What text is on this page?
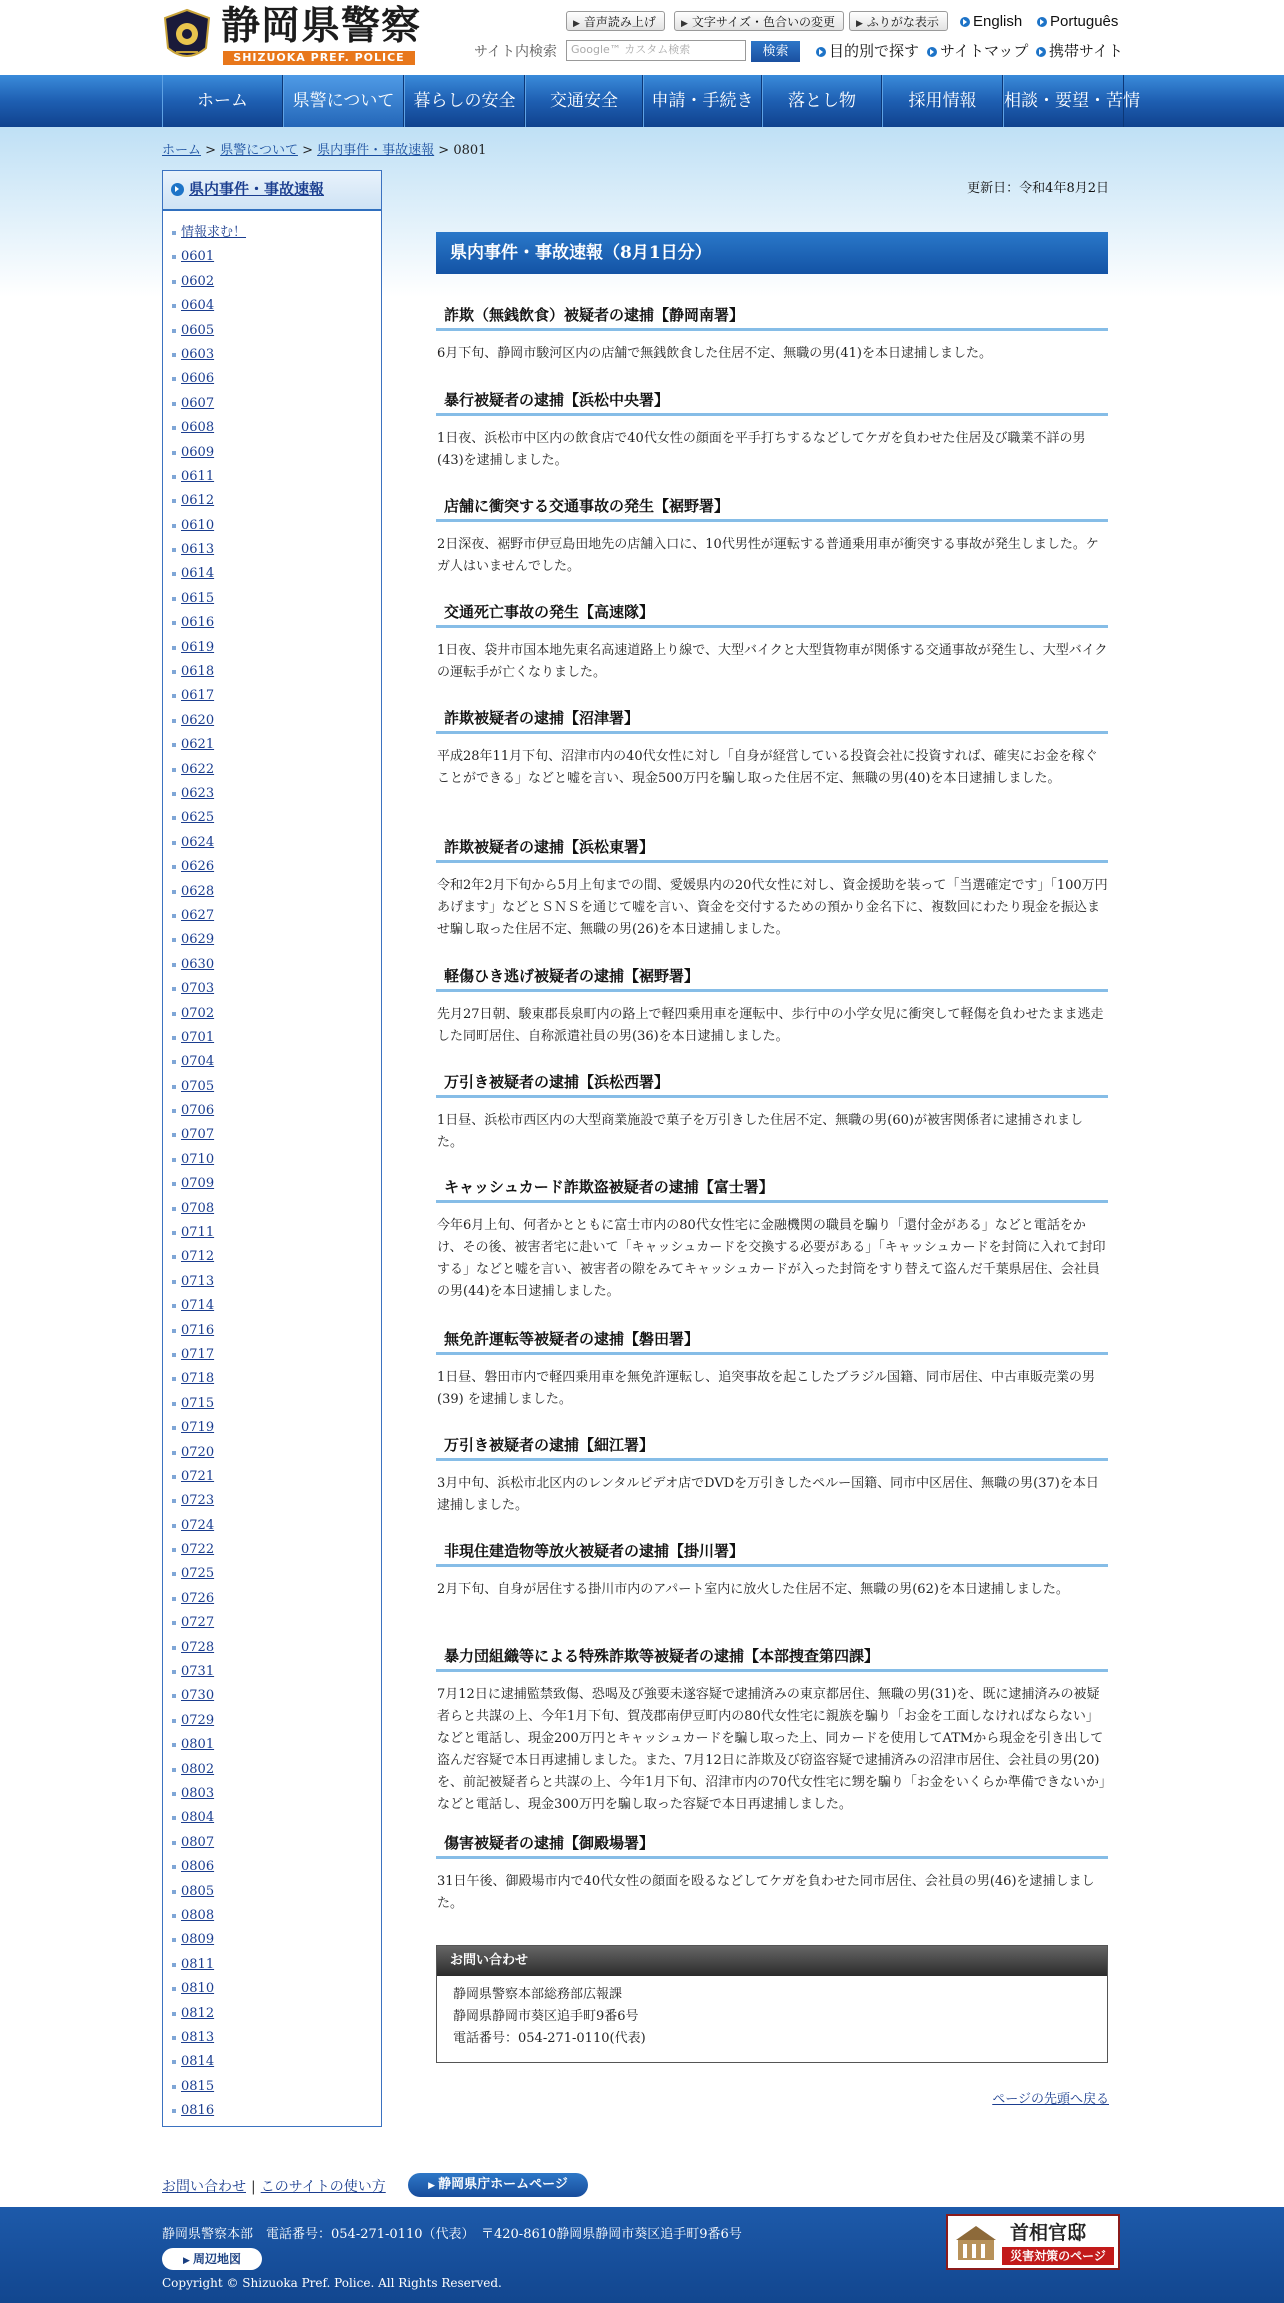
静岡県警察
SHIZUOKA PREF. POLICE
▶ 音声読み上げ	▶ 文字サイズ・色合いの変更	▶ ふりがな表示	English	Português
サイト内検索	Google™ カスタム検索	検索	目的別で探す	サイトマップ	携帯サイト
ホーム	県警について	暮らしの安全	交通安全	申請・手続き	落とし物	採用情報	相談・要望・苦情
ホーム > 県警について > 県内事件・事故速報 > 0801
県内事件・事故速報
情報求む！
0601
0602
0604
0605
0603
0606
0607
0608
0609
0611
0612
0610
0613
0614
0615
0616
0619
0618
0617
0620
0621
0622
0623
0625
0624
0626
0628
0627
0629
0630
0703
0702
0701
0704
0705
0706
0707
0710
0709
0708
0711
0712
0713
0714
0716
0717
0718
0715
0719
0720
0721
0723
0724
0722
0725
0726
0727
0728
0731
0730
0729
0801
0802
0803
0804
0807
0806
0805
0808
0809
0811
0810
0812
0813
0814
0815
0816
更新日：令和4年8月2日
県内事件・事故速報（8月1日分）
詐欺（無銭飲食）被疑者の逮捕【静岡南署】
6月下旬、静岡市駿河区内の店舗で無銭飲食した住居不定、無職の男(41)を本日逮捕しました。
暴行被疑者の逮捕【浜松中央署】
1日夜、浜松市中区内の飲食店で40代女性の顔面を平手打ちするなどしてケガを負わせた住居及び職業不詳の男(43)を逮捕しました。
店舗に衝突する交通事故の発生【裾野署】
2日深夜、裾野市伊豆島田地先の店舗入口に、10代男性が運転する普通乗用車が衝突する事故が発生しました。ケガ人はいませんでした。
交通死亡事故の発生【高速隊】
1日夜、袋井市国本地先東名高速道路上り線で、大型バイクと大型貨物車が関係する交通事故が発生し、大型バイクの運転手が亡くなりました。
詐欺被疑者の逮捕【沼津署】
平成28年11月下旬、沼津市内の40代女性に対し「自身が経営している投資会社に投資すれば、確実にお金を稼ぐことができる」などと嘘を言い、現金500万円を騙し取った住居不定、無職の男(40)を本日逮捕しました。
詐欺被疑者の逮捕【浜松東署】
令和2年2月下旬から5月上旬までの間、愛媛県内の20代女性に対し、資金援助を装って「当選確定です」「100万円あげます」などとＳＮＳを通じて嘘を言い、資金を交付するための預かり金名下に、複数回にわたり現金を振込ませ騙し取った住居不定、無職の男(26)を本日逮捕しました。
軽傷ひき逃げ被疑者の逮捕【裾野署】
先月27日朝、駿東郡長泉町内の路上で軽四乗用車を運転中、歩行中の小学女児に衝突して軽傷を負わせたまま逃走した同町居住、自称派遣社員の男(36)を本日逮捕しました。
万引き被疑者の逮捕【浜松西署】
1日昼、浜松市西区内の大型商業施設で菓子を万引きした住居不定、無職の男(60)が被害関係者に逮捕されました。
キャッシュカード詐欺盗被疑者の逮捕【富士署】
今年6月上旬、何者かとともに富士市内の80代女性宅に金融機関の職員を騙り「還付金がある」などと電話をかけ、その後、被害者宅に赴いて「キャッシュカードを交換する必要がある」「キャッシュカードを封筒に入れて封印する」などと嘘を言い、被害者の隙をみてキャッシュカードが入った封筒をすり替えて盗んだ千葉県居住、会社員の男(44)を本日逮捕しました。
無免許運転等被疑者の逮捕【磐田署】
1日昼、磐田市内で軽四乗用車を無免許運転し、追突事故を起こしたブラジル国籍、同市居住、中古車販売業の男(39) を逮捕しました。
万引き被疑者の逮捕【細江署】
3月中旬、浜松市北区内のレンタルビデオ店でDVDを万引きしたペルー国籍、同市中区居住、無職の男(37)を本日逮捕しました。
非現住建造物等放火被疑者の逮捕【掛川署】
2月下旬、自身が居住する掛川市内のアパート室内に放火した住居不定、無職の男(62)を本日逮捕しました。
暴力団組織等による特殊詐欺等被疑者の逮捕【本部捜査第四課】
7月12日に逮捕監禁致傷、恐喝及び強要未遂容疑で逮捕済みの東京都居住、無職の男(31)を、既に逮捕済みの被疑者らと共謀の上、今年1月下旬、賀茂郡南伊豆町内の80代女性宅に親族を騙り「お金を工面しなければならない」などと電話し、現金200万円とキャッシュカードを騙し取った上、同カードを使用してATMから現金を引き出して盗んだ容疑で本日再逮捕しました。また、7月12日に詐欺及び窃盗容疑で逮捕済みの沼津市居住、会社員の男(20)を、前記被疑者らと共謀の上、今年1月下旬、沼津市内の70代女性宅に甥を騙り「お金をいくらか準備できないか」などと電話し、現金300万円を騙し取った容疑で本日再逮捕しました。
傷害被疑者の逮捕【御殿場署】
31日午後、御殿場市内で40代女性の顔面を殴るなどしてケガを負わせた同市居住、会社員の男(46)を逮捕しました。
お問い合わせ
静岡県警察本部総務部広報課
静岡県静岡市葵区追手町9番6号
電話番号：054-271-0110(代表)
ページの先頭へ戻る
お問い合わせ | このサイトの使い方	▶ 静岡県庁ホームページ
静岡県警察本部　電話番号：054-271-0110（代表）　〒420-8610静岡県静岡市葵区追手町9番6号
▶ 周辺地図
Copyright © Shizuoka Pref. Police. All Rights Reserved.
首相官邸
災害対策のページ
